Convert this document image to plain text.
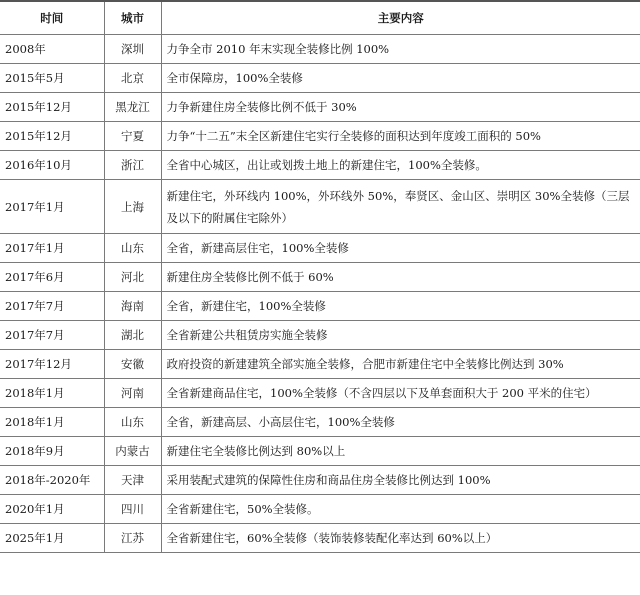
时间	城市	主要内容
2008年	深圳	力争全市 2010 年末实现全装修比例 100%
2015年5月	北京	全市保障房，100%全装修
2015年12月	黑龙江	力争新建住房全装修比例不低于 30%
2015年12月	宁夏	力争“十二五”末全区新建住宅实行全装修的面积达到年度竣工面积的 50%
2016年10月	浙江	全省中心城区，出让或划拨土地上的新建住宅，100%全装修。
2017年1月	上海	新建住宅，外环线内 100%，外环线外 50%，奉贤区、金山区、崇明区 30%全装修（三层及以下的附属住宅除外）
2017年1月	山东	全省，新建高层住宅，100%全装修
2017年6月	河北	新建住房全装修比例不低于 60%
2017年7月	海南	全省，新建住宅，100%全装修
2017年7月	湖北	全省新建公共租赁房实施全装修
2017年12月	安徽	政府投资的新建建筑全部实施全装修，合肥市新建住宅中全装修比例达到 30%
2018年1月	河南	全省新建商品住宅，100%全装修（不含四层以下及单套面积大于 200 平米的住宅）
2018年1月	山东	全省，新建高层、小高层住宅，100%全装修
2018年9月	内蒙古	新建住宅全装修比例达到 80%以上
2018年-2020年	天津	采用装配式建筑的保障性住房和商品住房全装修比例达到 100%
2020年1月	四川	全省新建住宅，50%全装修。
2025年1月	江苏	全省新建住宅，60%全装修（装饰装修装配化率达到 60%以上）
